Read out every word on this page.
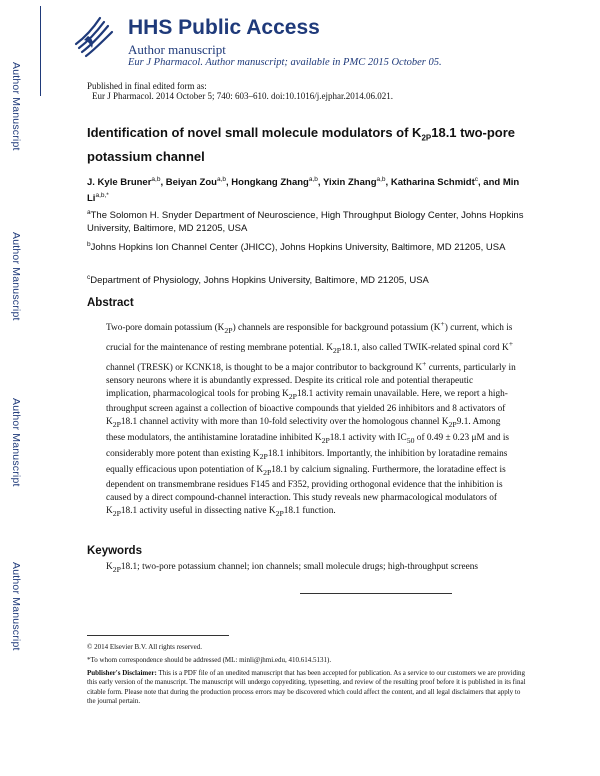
Author Manuscript
Author Manuscript
Author Manuscript
Author Manuscript
HHS Public Access
Author manuscript
Eur J Pharmacol. Author manuscript; available in PMC 2015 October 05.
Published in final edited form as:
Eur J Pharmacol. 2014 October 5; 740: 603–610. doi:10.1016/j.ejphar.2014.06.021.
Identification of novel small molecule modulators of $K_{2P}18.1$ two-pore potassium channel
J. Kyle Bruner$^{a,b}$, Beiyan Zou$^{a,b}$, Hongkang Zhang$^{a,b}$, Yixin Zhang$^{a,b}$, Katharina Schmidt$^c$, and Min $Li^{a,b,*}$
$^a$The Solomon H. Snyder Department of Neuroscience, High Throughput Biology Center, Johns Hopkins University, Baltimore, MD 21205, USA
$^b$Johns Hopkins Ion Channel Center (JHICC), Johns Hopkins University, Baltimore, MD 21205, USA
$^c$Department of Physiology, Johns Hopkins University, Baltimore, MD 21205, USA
Abstract
Two-pore domain potassium $(K_{2P})$ channels are responsible for background potassium (K+) current, which is crucial for the maintenance of resting membrane potential. $K_{2P}18.1$, also called TWIK-related spinal cord K+ channel (TRESK) or KCNK18, is thought to be a major contributor to background K+ currents, particularly in sensory neurons where it is abundantly expressed. Despite its critical role and potential therapeutic implication, pharmacological tools for probing $K_{2P}18.1$ activity remain unavailable. Here, we report a high-throughput screen against a collection of bioactive compounds that yielded 26 inhibitors and 8 activators of $K_{2P}18.1$ channel activity with more than 10-fold selectivity over the homologous channel $K_{2P}9.1$. Among these modulators, the antihistamine loratadine inhibited $K_{2P}18.1$ activity with $IC_{50}$ of 0.49 ± 0.23 μM and is considerably more potent than existing $K_{2P}18.1$ inhibitors. Importantly, the inhibition by loratadine remains equally efficacious upon potentiation of $K_{2P}18.1$ by calcium signaling. Furthermore, the loratadine effect is dependent on transmembrane residues F145 and F352, providing orthogonal evidence that the inhibition is caused by a direct compound-channel interaction. This study reveals new pharmacological modulators of $K_{2P}18.1$ activity useful in dissecting native $K_{2P}18.1$ function.
Keywords
$K_{2P}18.1$; two-pore potassium channel; ion channels; small molecule drugs; high-throughput screens
© 2014 Elsevier B.V. All rights reserved.
*To whom correspondence should be addressed (ML: minli@jhmi.edu, 410.614.5131).
Publisher's Disclaimer: This is a PDF file of an unedited manuscript that has been accepted for publication. As a service to our customers we are providing this early version of the manuscript. The manuscript will undergo copyediting, typesetting, and review of the resulting proof before it is published in its final citable form. Please note that during the production process errors may be discovered which could affect the content, and all legal disclaimers that apply to the journal pertain.
